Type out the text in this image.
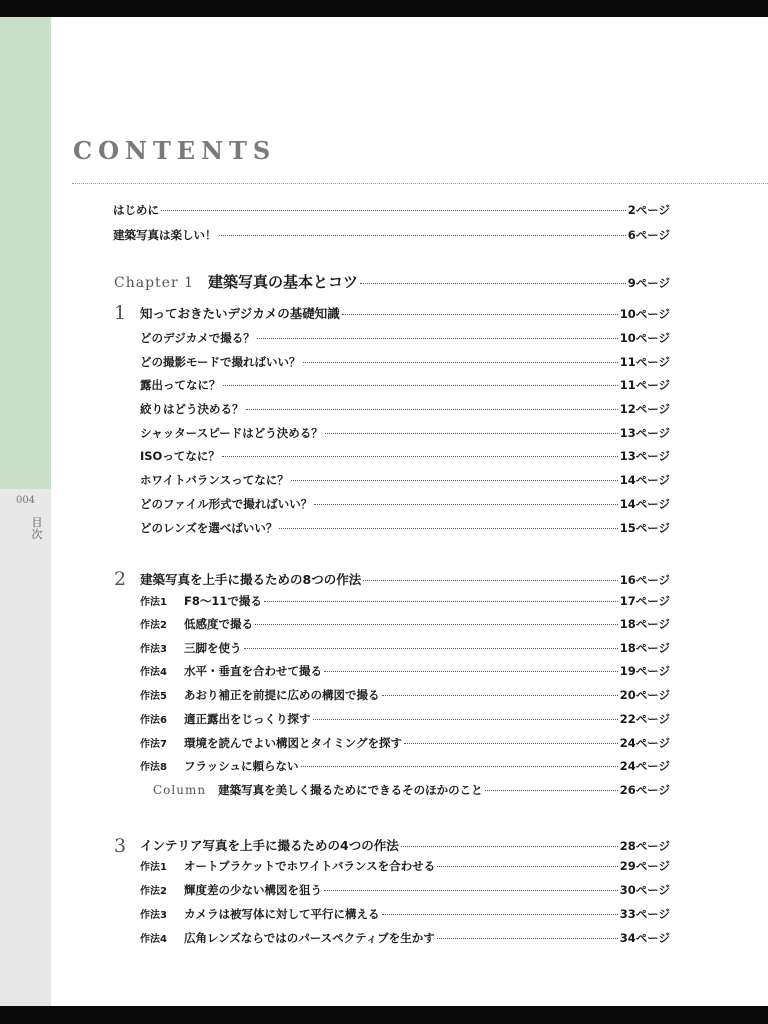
004
目次
CONTENTS
はじめに	2ページ
建築写真は楽しい！	6ページ
Chapter 1 建築写真の基本とコツ	9ページ
1 知っておきたいデジカメの基礎知識	10ページ
どのデジカメで撮る？	10ページ
どの撮影モードで撮ればいい？	11ページ
露出ってなに？	11ページ
絞りはどう決める？	12ページ
シャッタースピードはどう決める？	13ページ
ISOってなに？	13ページ
ホワイトバランスってなに？	14ページ
どのファイル形式で撮ればいい？	14ページ
どのレンズを選べばいい？	15ページ
2 建築写真を上手に撮るための8つの作法	16ページ
作法1	F8〜11で撮る	17ページ
作法2	低感度で撮る	18ページ
作法3	三脚を使う	18ページ
作法4	水平・垂直を合わせて撮る	19ページ
作法5	あおり補正を前提に広めの構図で撮る	20ページ
作法6	適正露出をじっくり探す	22ページ
作法7	環境を読んでよい構図とタイミングを探す	24ページ
作法8	フラッシュに頼らない	24ページ
Column 建築写真を美しく撮るためにできるそのほかのこと	26ページ
3 インテリア写真を上手に撮るための4つの作法	28ページ
作法1	オートブラケットでホワイトバランスを合わせる	29ページ
作法2	輝度差の少ない構図を狙う	30ページ
作法3	カメラは被写体に対して平行に構える	33ページ
作法4	広角レンズならではのパースペクティブを生かす	34ページ
